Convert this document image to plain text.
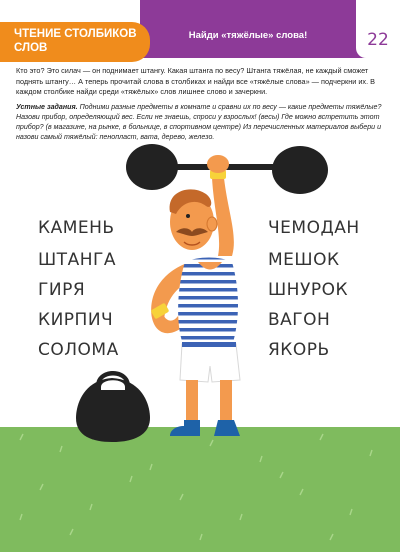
22
Найди «тяжёлые» слова!
ЧТЕНИЕ СТОЛБИКОВ СЛОВ

Кто это? Это силач — он поднимает штангу. Какая штанга по весу? Штанга тяжёлая, не каждый сможет поднять штангу… А теперь прочитай слова в столбиках и найди все «тяжёлые слова» — подчеркни их. В каждом столбике найди среди «тяжёлых» слов лишнее слово и зачеркни.

Устные задания. Подними разные предметы в комнате и сравни их по весу — какие предметы тяжёлые? Назови прибор, определяющий вес. Если не знаешь, спроси у взрослых! (весы) Где можно встретить этот прибор? (в магазине, на рынке, в больнице, в спортивном центре) Из перечисленных материалов выбери и назови самый тяжёлый: пенопласт, вата, дерево, железо.

КАМЕНЬ
ШТАНГА
ГИРЯ
КИРПИЧ
СОЛОМА
ЧЕМОДАН
МЕШОК
ШНУРОК
ВАГОН
ЯКОРЬ
